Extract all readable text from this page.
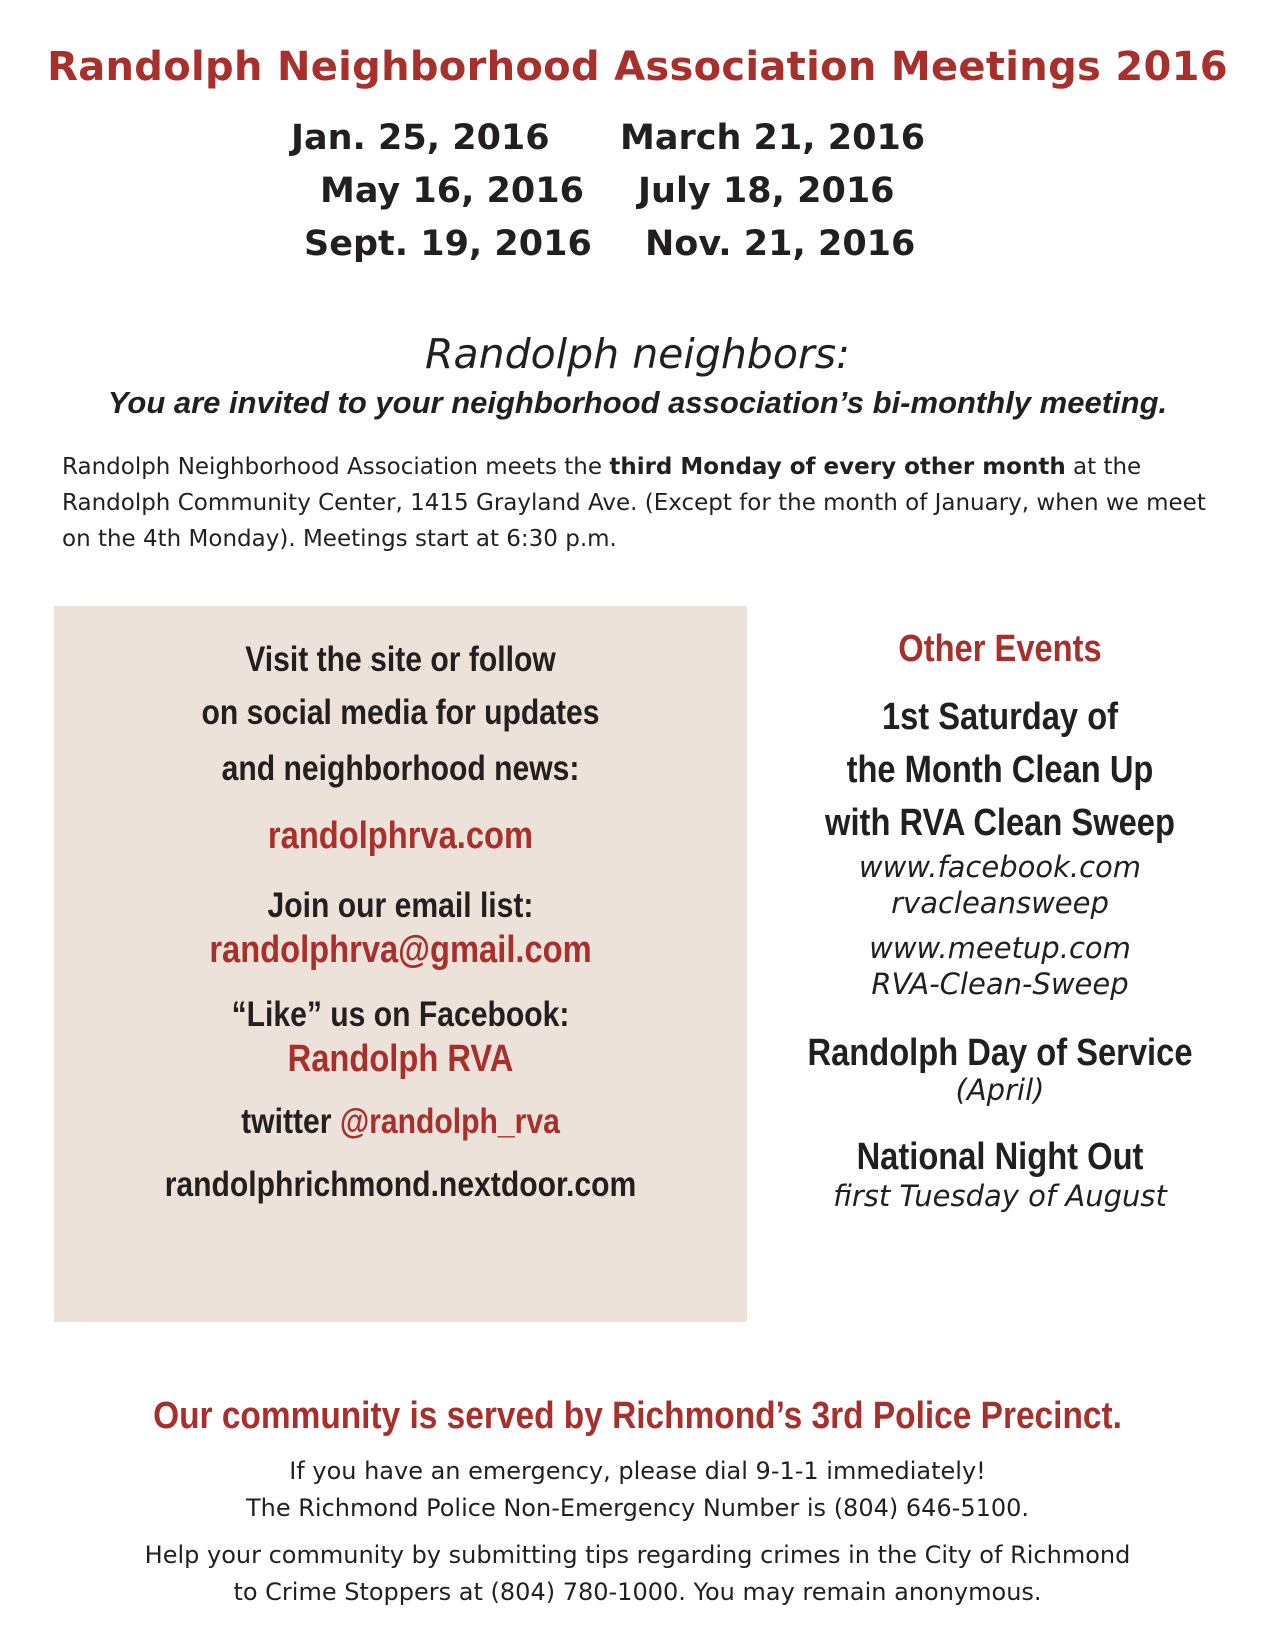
Randolph Neighborhood Association Meetings 2016
Jan. 25, 2016 March 21, 2016
May 16, 2016 July 18, 2016
Sept. 19, 2016 Nov. 21, 2016
Randolph neighbors:
You are invited to your neighborhood association’s bi-monthly meeting.
Randolph Neighborhood Association meets the third Monday of every other month at the Randolph Community Center, 1415 Grayland Ave. (Except for the month of January, when we meet on the 4th Monday). Meetings start at 6:30 p.m.
Visit the site or follow
on social media for updates
and neighborhood news:
randolphrva.com
Join our email list:
randolphrva@gmail.com
“Like” us on Facebook:
Randolph RVA
twitter @randolph_rva
randolphrichmond.nextdoor.com
Other Events
1st Saturday of
the Month Clean Up
with RVA Clean Sweep
www.facebook.com
rvacleansweep
www.meetup.com
RVA-Clean-Sweep
Randolph Day of Service
(April)
National Night Out
first Tuesday of August
Our community is served by Richmond’s 3rd Police Precinct.
If you have an emergency, please dial 9-1-1 immediately!
The Richmond Police Non-Emergency Number is (804) 646-5100.
Help your community by submitting tips regarding crimes in the City of Richmond
to Crime Stoppers at (804) 780-1000. You may remain anonymous.
